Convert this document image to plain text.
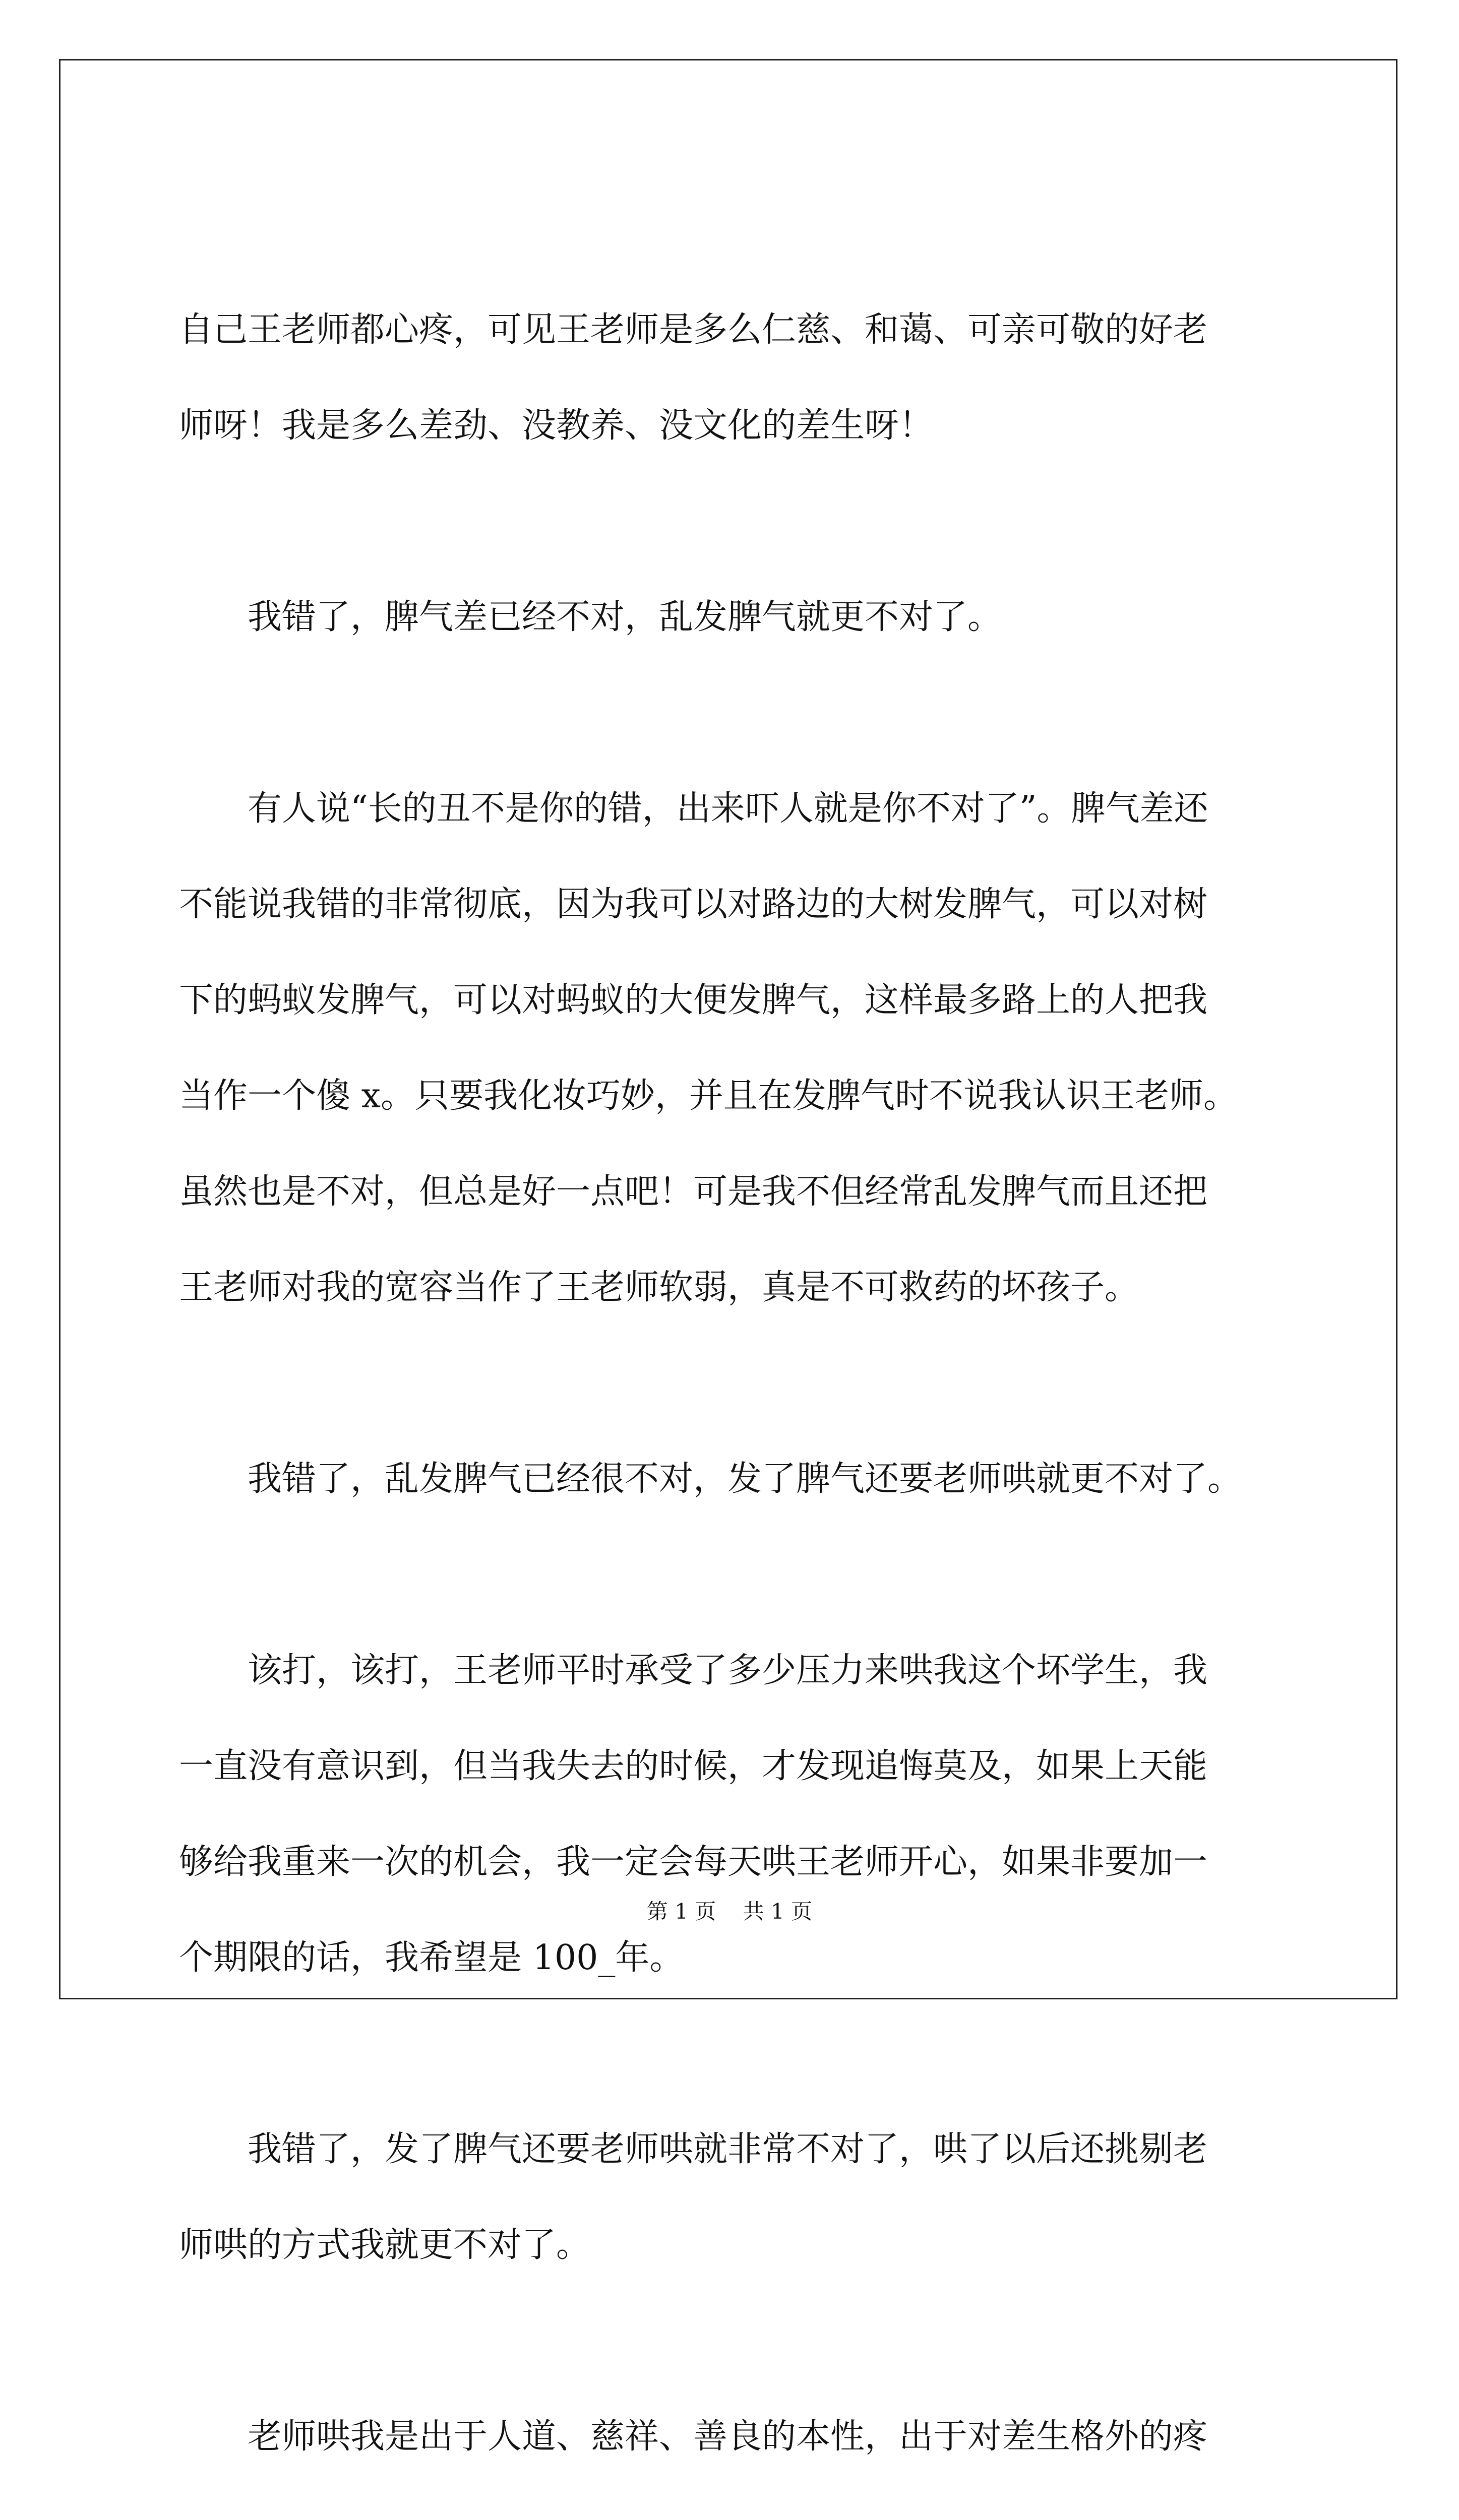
自己王老师都心疼，可见王老师是多么仁慈、和蔼、可亲可敬的好老
师呀！我是多么差劲、没教养、没文化的差生呀！

　　我错了，脾气差已经不对，乱发脾气就更不对了。

　　有人说“长的丑不是你的错，出来吓人就是你不对了”。脾气差还
不能说我错的非常彻底，因为我可以对路边的大树发脾气，可以对树
下的蚂蚁发脾气，可以对蚂蚁的大便发脾气，这样最多路上的人把我
当作一个傻 x。只要我化妆巧妙，并且在发脾气时不说我认识王老师。
虽然也是不对，但总是好一点吧！可是我不但经常乱发脾气而且还把
王老师对我的宽容当作了王老师软弱，真是不可救药的坏孩子。

　　我错了，乱发脾气已经很不对，发了脾气还要老师哄就更不对了。

　　该打，该打，王老师平时承受了多少压力来哄我这个坏学生，我
一直没有意识到，但当我失去的时候，才发现追悔莫及，如果上天能
够给我重来一次的机会，我一定会每天哄王老师开心，如果非要加一
个期限的话，我希望是 100_年。

　　我错了，发了脾气还要老师哄就非常不对了，哄了以后还挑剔老
师哄的方式我就更不对了。

　　老师哄我是出于人道、慈祥、善良的本性，出于对差生格外的疼

第 1 页 共 1 页
